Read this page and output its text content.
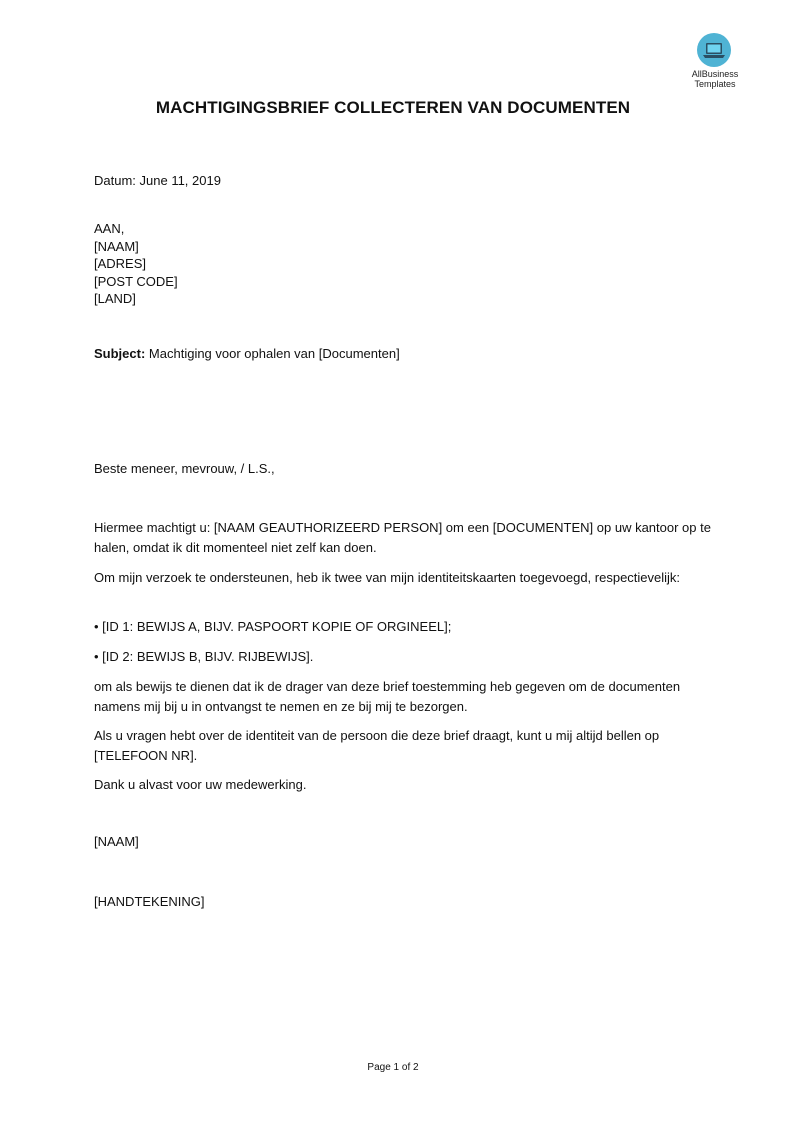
AllBusiness
Templates
MACHTIGINGSBRIEF COLLECTEREN VAN DOCUMENTEN
Datum: June 11, 2019
AAN,
[NAAM]
[ADRES]
[POST CODE]
[LAND]
Subject: Machtiging voor ophalen van [Documenten]
Beste meneer, mevrouw, / L.S.,
Hiermee machtigt u: [NAAM GEAUTHORIZEERD PERSON] om een [DOCUMENTEN] op uw kantoor op te halen, omdat ik dit momenteel niet zelf kan doen.
Om mijn verzoek te ondersteunen, heb ik twee van mijn identiteitskaarten toegevoegd, respectievelijk:
• [ID 1: BEWIJS A, BIJV. PASPOORT KOPIE OF ORGINEEL];
• [ID 2: BEWIJS B, BIJV. RIJBEWIJS].
om als bewijs te dienen dat ik de drager van deze brief toestemming heb gegeven om de documenten namens mij bij u in ontvangst te nemen en ze bij mij te bezorgen.
Als u vragen hebt over de identiteit van de persoon die deze brief draagt, kunt u mij altijd bellen op [TELEFOON NR].
Dank u alvast voor uw medewerking.
[NAAM]
[HANDTEKENING]
Page 1 of 2
